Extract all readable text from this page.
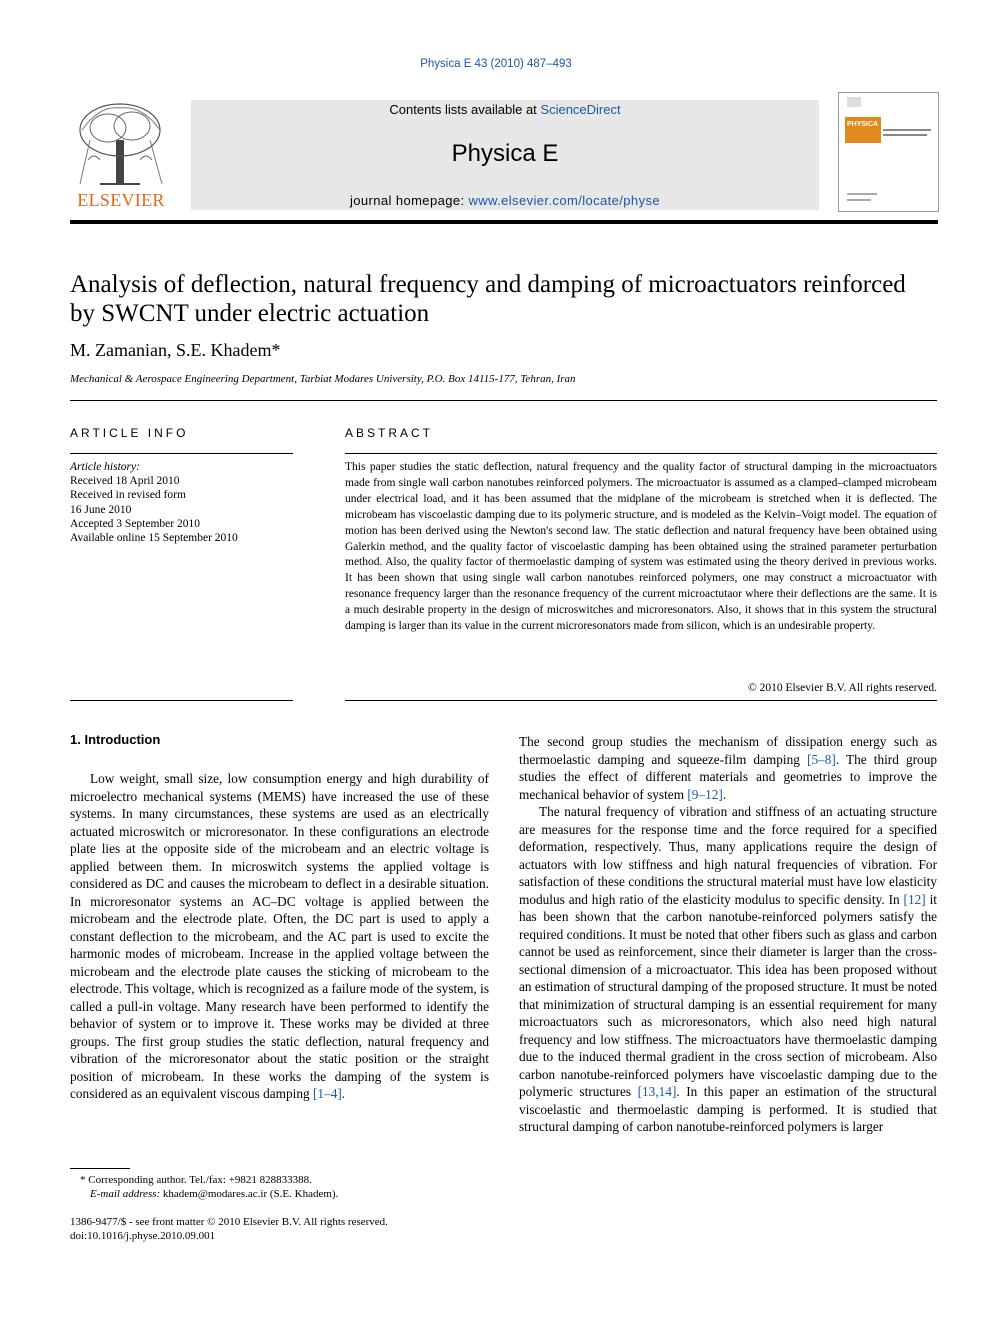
Physica E 43 (2010) 487–493
ELSEVIER
Contents lists available at ScienceDirect
Physica E
journal homepage: www.elsevier.com/locate/physe
PHYSICA
Analysis of deflection, natural frequency and damping of microactuators reinforced by SWCNT under electric actuation
M. Zamanian, S.E. Khadem*
Mechanical & Aerospace Engineering Department, Tarbiat Modares University, P.O. Box 14115-177, Tehran, Iran
ARTICLE INFO
Article history:
Received 18 April 2010
Received in revised form
16 June 2010
Accepted 3 September 2010
Available online 15 September 2010
ABSTRACT
This paper studies the static deflection, natural frequency and the quality factor of structural damping in the microactuators made from single wall carbon nanotubes reinforced polymers. The microactuator is assumed as a clamped–clamped microbeam under electrical load, and it has been assumed that the midplane of the microbeam is stretched when it is deflected. The microbeam has viscoelastic damping due to its polymeric structure, and is modeled as the Kelvin–Voigt model. The equation of motion has been derived using the Newton's second law. The static deflection and natural frequency have been obtained using Galerkin method, and the quality factor of viscoelastic damping has been obtained using the strained parameter perturbation method. Also, the quality factor of thermoelastic damping of system was estimated using the theory derived in previous works. It has been shown that using single wall carbon nanotubes reinforced polymers, one may construct a microactuator with resonance frequency larger than the resonance frequency of the current microactutaor where their deflections are the same. It is a much desirable property in the design of microswitches and microresonators. Also, it shows that in this system the structural damping is larger than its value in the current microresonators made from silicon, which is an undesirable property.
© 2010 Elsevier B.V. All rights reserved.
1. Introduction

Low weight, small size, low consumption energy and high durability of microelectro mechanical systems (MEMS) have increased the use of these systems. In many circumstances, these systems are used as an electrically actuated microswitch or microresonator. In these configurations an electrode plate lies at the opposite side of the microbeam and an electric voltage is applied between them. In microswitch systems the applied voltage is considered as DC and causes the microbeam to deflect in a desirable situation. In microresonator systems an AC–DC voltage is applied between the microbeam and the electrode plate. Often, the DC part is used to apply a constant deflection to the microbeam, and the AC part is used to excite the harmonic modes of microbeam. Increase in the applied voltage between the microbeam and the electrode plate causes the sticking of microbeam to the electrode. This voltage, which is recognized as a failure mode of the system, is called a pull-in voltage. Many research have been performed to identify the behavior of system or to improve it. These works may be divided at three groups. The first group studies the static deflection, natural frequency and vibration of the microresonator about the static position or the straight position of microbeam. In these works the damping of the system is considered as an equivalent viscous damping [1–4].

The second group studies the mechanism of dissipation energy such as thermoelastic damping and squeeze-film damping [5–8]. The third group studies the effect of different materials and geometries to improve the mechanical behavior of system [9–12].

The natural frequency of vibration and stiffness of an actuating structure are measures for the response time and the force required for a specified deformation, respectively. Thus, many applications require the design of actuators with low stiffness and high natural frequencies of vibration. For satisfaction of these conditions the structural material must have low elasticity modulus and high ratio of the elasticity modulus to specific density. In [12] it has been shown that the carbon nanotube-reinforced polymers satisfy the required conditions. It must be noted that other fibers such as glass and carbon cannot be used as reinforcement, since their diameter is larger than the cross-sectional dimension of a microactuator. This idea has been proposed without an estimation of structural damping of the proposed structure. It must be noted that minimization of structural damping is an essential requirement for many microactuators such as microresonators, which also need high natural frequency and low stiffness. The microactuators have thermoelastic damping due to the induced thermal gradient in the cross section of microbeam. Also carbon nanotube-reinforced polymers have viscoelastic damping due to the polymeric structures [13,14]. In this paper an estimation of the structural viscoelastic and thermoelastic damping is performed. It is studied that structural damping of carbon nanotube-reinforced polymers is larger

* Corresponding author. Tel./fax: +9821 828833388.
E-mail address: khadem@modares.ac.ir (S.E. Khadem).
1386-9477/$ - see front matter © 2010 Elsevier B.V. All rights reserved.
doi:10.1016/j.physe.2010.09.001
